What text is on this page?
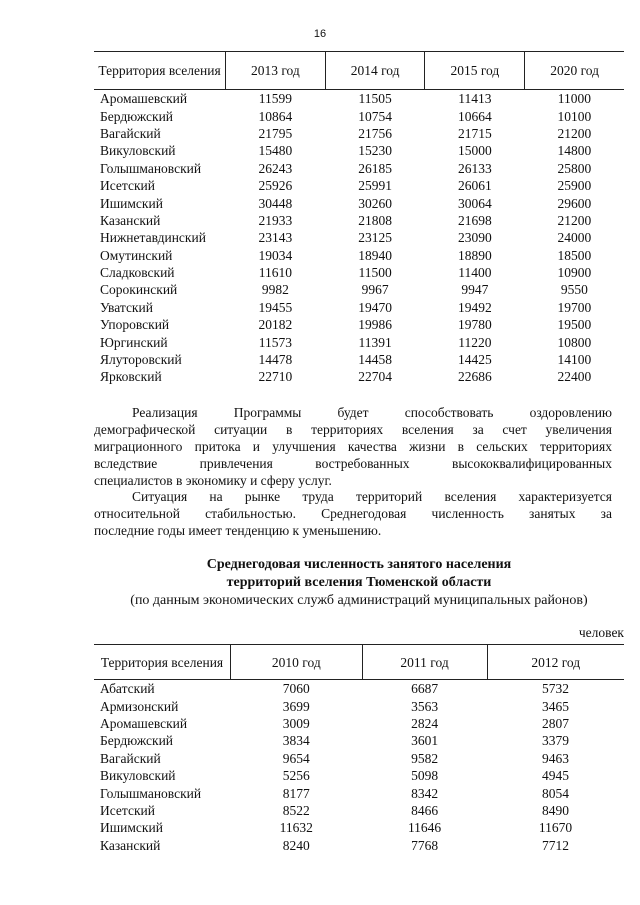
16
Территория вселения	2013 год	2014 год	2015 год	2020 год
Аромашевский	11599	11505	11413	11000
Бердюжский	10864	10754	10664	10100
Вагайский	21795	21756	21715	21200
Викуловский	15480	15230	15000	14800
Голышмановский	26243	26185	26133	25800
Исетский	25926	25991	26061	25900
Ишимский	30448	30260	30064	29600
Казанский	21933	21808	21698	21200
Нижнетавдинский	23143	23125	23090	24000
Омутинский	19034	18940	18890	18500
Сладковский	11610	11500	11400	10900
Сорокинский	9982	9967	9947	9550
Уватский	19455	19470	19492	19700
Упоровский	20182	19986	19780	19500
Юргинский	11573	11391	11220	10800
Ялуторовский	14478	14458	14425	14100
Ярковский	22710	22704	22686	22400

Реализация Программы будет способствовать оздоровлению
демографической ситуации в территориях вселения за счет увеличения
миграционного притока и улучшения качества жизни в сельских территориях
вследствие привлечения востребованных высококвалифицированных

специалистов в экономику и сферу услуг.

Ситуация на рынке труда территорий вселения характеризуется
относительной стабильностью. Среднегодовая численность занятых за

последние годы имеет тенденцию к уменьшению.

Среднегодовая численность занятого населения
территорий вселения Тюменской области
(по данным экономических служб администраций муниципальных районов)
человек
Территория вселения	2010 год	2011 год	2012 год
Абатский	7060	6687	5732
Армизонский	3699	3563	3465
Аромашевский	3009	2824	2807
Бердюжский	3834	3601	3379
Вагайский	9654	9582	9463
Викуловский	5256	5098	4945
Голышмановский	8177	8342	8054
Исетский	8522	8466	8490
Ишимский	11632	11646	11670
Казанский	8240	7768	7712
